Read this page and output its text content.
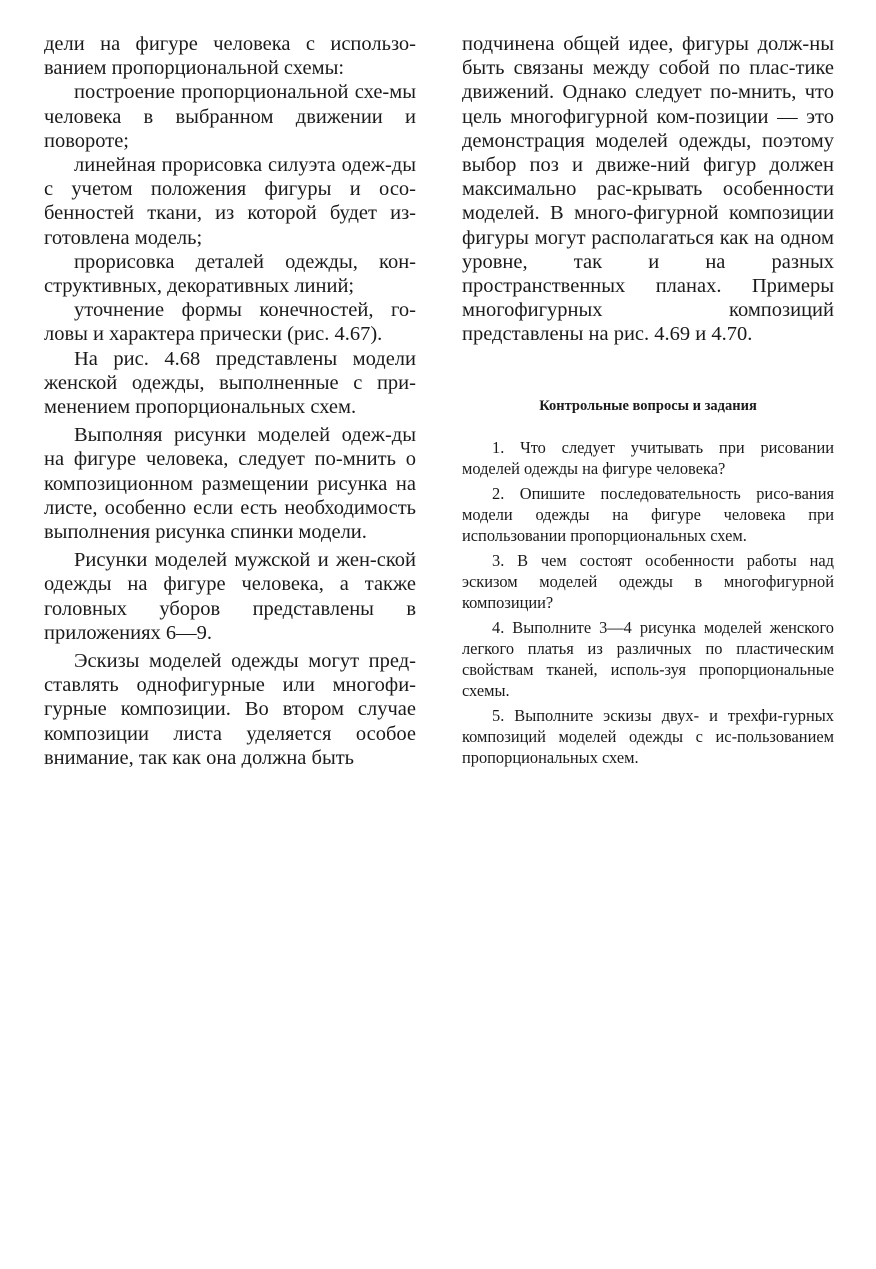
дели на фигуре человека с использо-ванием пропорциональной схемы:

построение пропорциональной схе-мы человека в выбранном движении и повороте;

линейная прорисовка силуэта одеж-ды с учетом положения фигуры и осо-бенностей ткани, из которой будет из-готовлена модель;

прорисовка деталей одежды, кон-структивных, декоративных линий;

уточнение формы конечностей, го-ловы и характера прически (рис. 4.67).

На рис. 4.68 представлены модели женской одежды, выполненные с при-менением пропорциональных схем.

Выполняя рисунки моделей одеж-ды на фигуре человека, следует по-мнить о композиционном размещении рисунка на листе, особенно если есть необходимость выполнения рисунка спинки модели.

Рисунки моделей мужской и жен-ской одежды на фигуре человека, а также головных уборов представлены в приложениях 6—9.

Эскизы моделей одежды могут пред-ставлять однофигурные или многофи-гурные композиции. Во втором случае композиции листа уделяется особое внимание, так как она должна быть

подчинена общей идее, фигуры долж-ны быть связаны между собой по плас-тике движений. Однако следует по-мнить, что цель многофигурной ком-позиции — это демонстрация моделей одежды, поэтому выбор поз и движе-ний фигур должен максимально рас-крывать особенности моделей. В много-фигурной композиции фигуры могут располагаться как на одном уровне, так и на разных пространственных планах. Примеры многофигурных композиций представлены на рис. 4.69 и 4.70.

Контрольные вопросы и задания

1. Что следует учитывать при рисовании моделей одежды на фигуре человека?

2. Опишите последовательность рисо-вания модели одежды на фигуре человека при использовании пропорциональных схем.

3. В чем состоят особенности работы над эскизом моделей одежды в многофигурной композиции?

4. Выполните 3—4 рисунка моделей женского легкого платья из различных по пластическим свойствам тканей, исполь-зуя пропорциональные схемы.

5. Выполните эскизы двух- и трехфи-гурных композиций моделей одежды с ис-пользованием пропорциональных схем.
